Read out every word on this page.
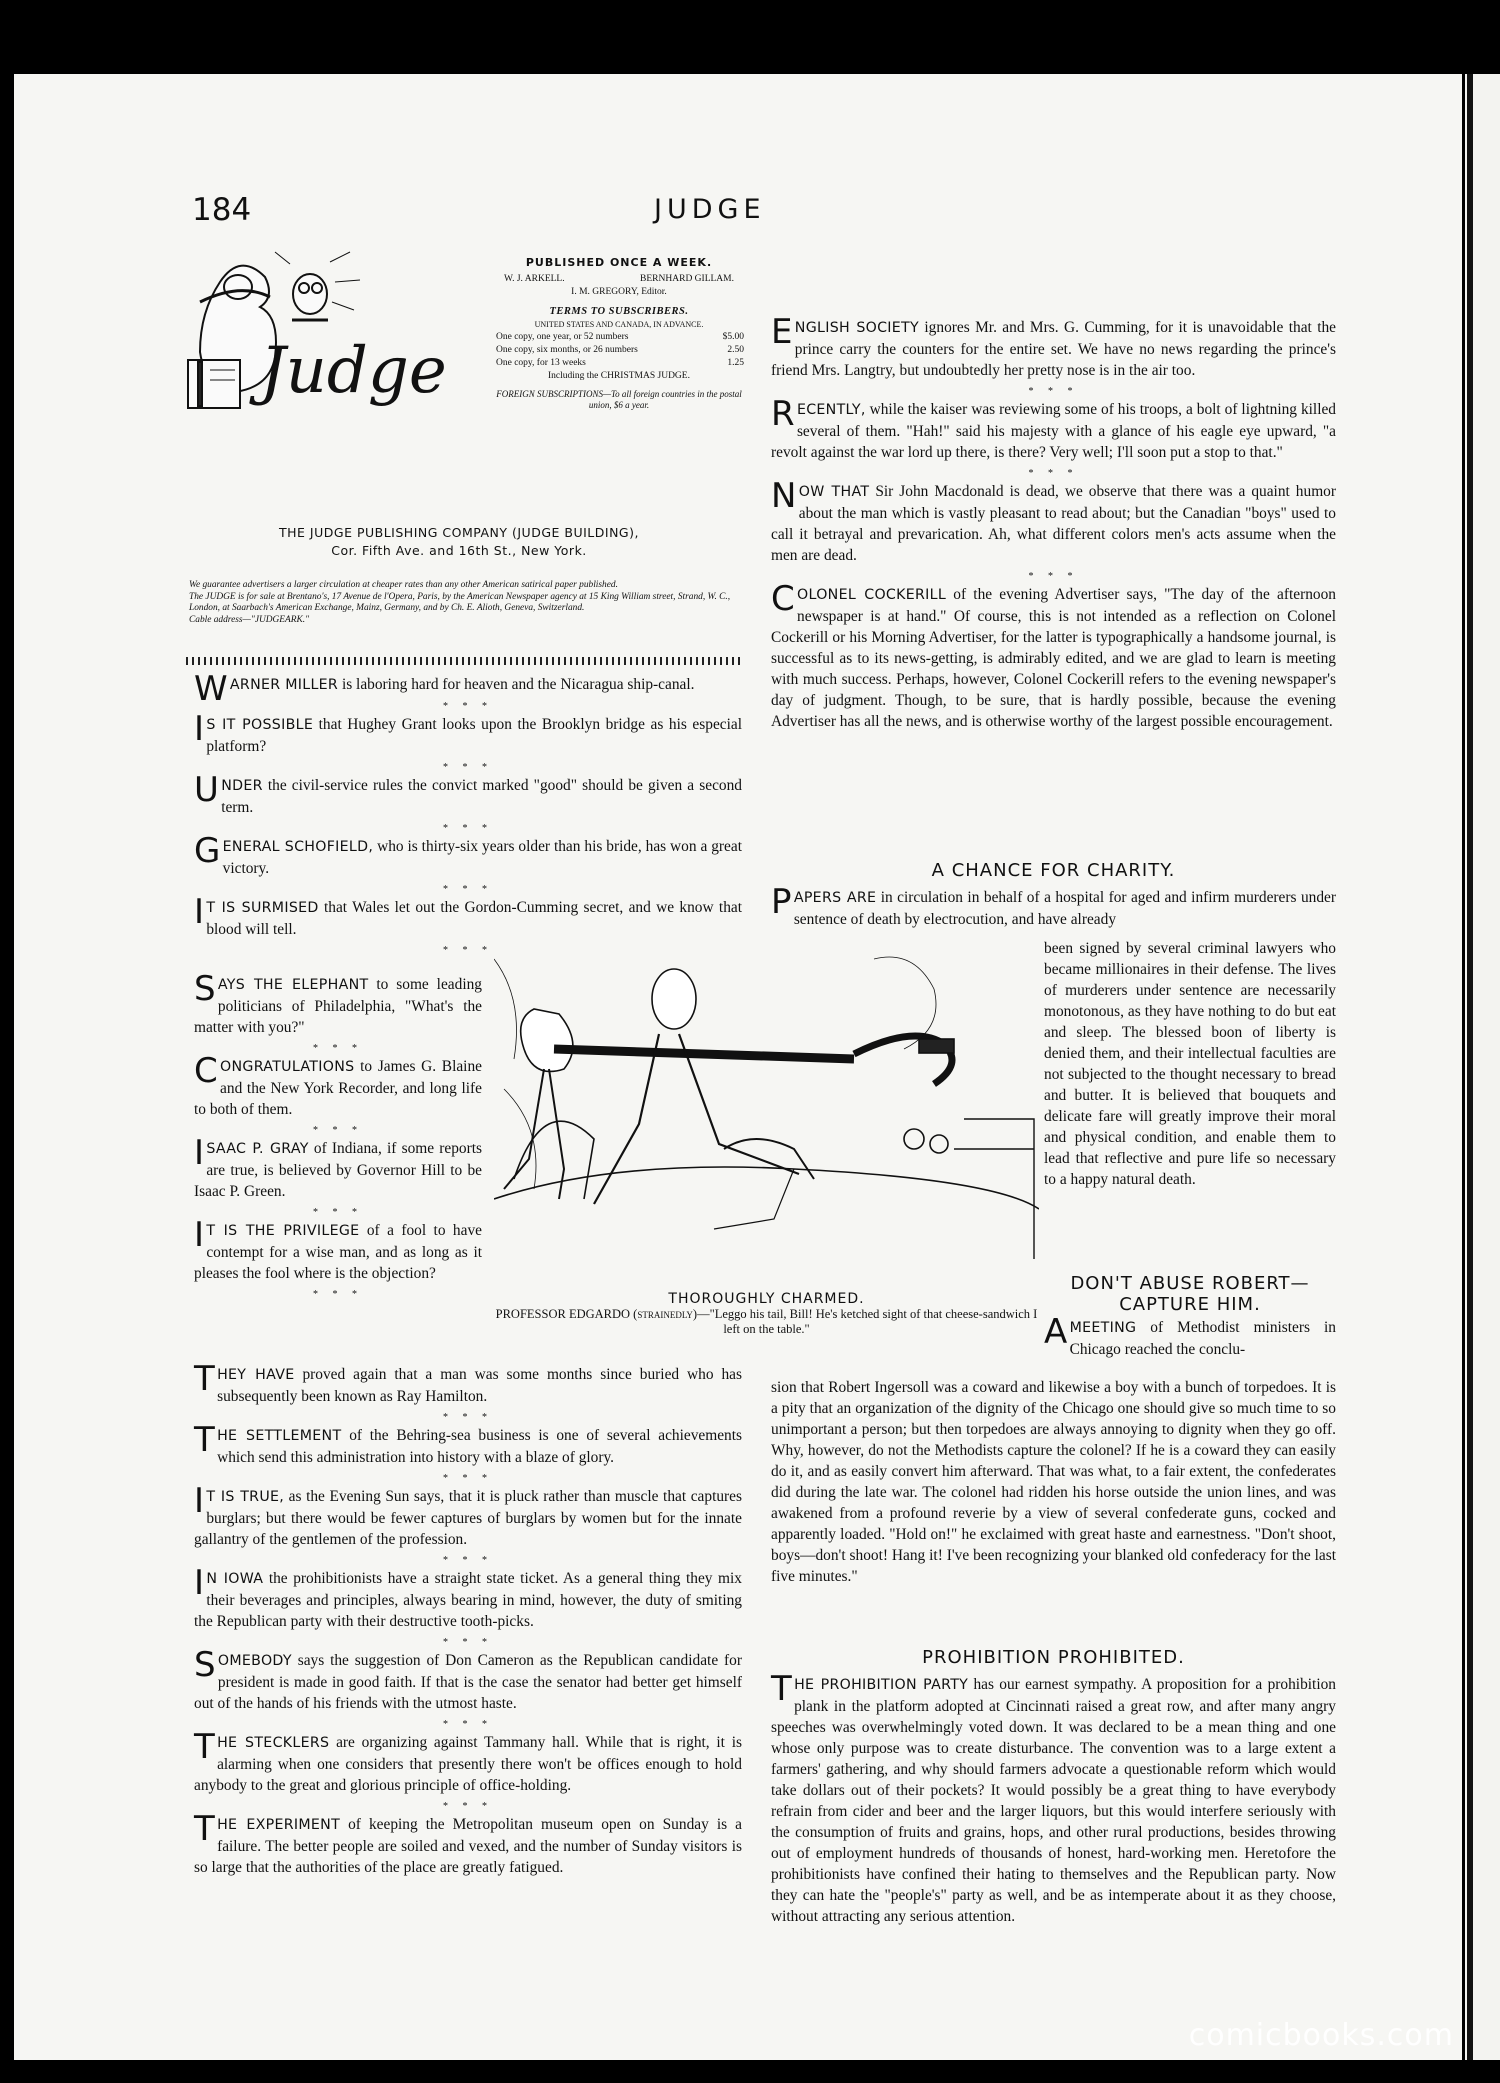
184	JUDGE
Judge
PUBLISHED ONCE A WEEK.
W. J. ARKELL.	BERNHARD GILLAM.
I. M. GREGORY, Editor.
TERMS TO SUBSCRIBERS.
UNITED STATES AND CANADA, IN ADVANCE.
One copy, one year, or 52 numbers	$5.00
One copy, six months, or 26 numbers	2.50
One copy, for 13 weeks	1.25
Including the CHRISTMAS JUDGE.
FOREIGN SUBSCRIPTIONS—To all foreign countries in the postal union, $6 a year.
THE JUDGE PUBLISHING COMPANY (JUDGE BUILDING),
Cor. Fifth Ave. and 16th St., New York.
We guarantee advertisers a larger circulation at cheaper rates than any other American satirical paper published.
The JUDGE is for sale at Brentano's, 17 Avenue de l'Opera, Paris, by the American Newspaper agency at 15 King William street, Strand, W. C., London, at Saarbach's American Exchange, Mainz, Germany, and by Ch. E. Alioth, Geneva, Switzerland.
Cable address—"JUDGEARK."

WARNER MILLER is laboring hard for heaven and the Nicaragua ship-canal.

* * *

IS IT POSSIBLE that Hughey Grant looks upon the Brooklyn bridge as his especial platform?

* * *

UNDER the civil-service rules the convict marked "good" should be given a second term.

* * *

GENERAL SCHOFIELD, who is thirty-six years older than his bride, has won a great victory.

* * *

IT IS SURMISED that Wales let out the Gordon-Cumming secret, and we know that blood will tell.

* * *

SAYS THE ELEPHANT to some leading politicians of Philadelphia, "What's the matter with you?"

* * *

CONGRATULATIONS to James G. Blaine and the New York Recorder, and long life to both of them.

* * *

ISAAC P. GRAY of Indiana, if some reports are true, is believed by Governor Hill to be Isaac P. Green.

* * *

IT IS THE PRIVILEGE of a fool to have contempt for a wise man, and as long as it pleases the fool where is the objection?

* * *	THOROUGHLY CHARMED.
PROFESSOR EDGARDO (strainedly)—"Leggo his tail, Bill! He's ketched sight of that cheese-sandwich I left on the table."

THEY HAVE proved again that a man was some months since buried who has subsequently been known as Ray Hamilton.

* * *

THE SETTLEMENT of the Behring-sea business is one of several achievements which send this administration into history with a blaze of glory.

* * *

IT IS TRUE, as the Evening Sun says, that it is pluck rather than muscle that captures burglars; but there would be fewer captures of burglars by women but for the innate gallantry of the gentlemen of the profession.

* * *

IN IOWA the prohibitionists have a straight state ticket. As a general thing they mix their beverages and principles, always bearing in mind, however, the duty of smiting the Republican party with their destructive tooth-picks.

* * *

SOMEBODY says the suggestion of Don Cameron as the Republican candidate for president is made in good faith. If that is the case the senator had better get himself out of the hands of his friends with the utmost haste.

* * *

THE STECKLERS are organizing against Tammany hall. While that is right, it is alarming when one considers that presently there won't be offices enough to hold anybody to the great and glorious principle of office-holding.

* * *

THE EXPERIMENT of keeping the Metropolitan museum open on Sunday is a failure. The better people are soiled and vexed, and the number of Sunday visitors is so large that the authorities of the place are greatly fatigued.

ENGLISH SOCIETY ignores Mr. and Mrs. G. Cumming, for it is unavoidable that the prince carry the counters for the entire set. We have no news regarding the prince's friend Mrs. Langtry, but undoubtedly her pretty nose is in the air too.

* * *

RECENTLY, while the kaiser was reviewing some of his troops, a bolt of lightning killed several of them. "Hah!" said his majesty with a glance of his eagle eye upward, "a revolt against the war lord up there, is there? Very well; I'll soon put a stop to that."

* * *

NOW THAT Sir John Macdonald is dead, we observe that there was a quaint humor about the man which is vastly pleasant to read about; but the Canadian "boys" used to call it betrayal and prevarication. Ah, what different colors men's acts assume when the men are dead.

* * *

COLONEL COCKERILL of the evening Advertiser says, "The day of the afternoon newspaper is at hand." Of course, this is not intended as a reflection on Colonel Cockerill or his Morning Advertiser, for the latter is typographically a handsome journal, is successful as to its news-getting, is admirably edited, and we are glad to learn is meeting with much success. Perhaps, however, Colonel Cockerill refers to the evening newspaper's day of judgment. Though, to be sure, that is hardly possible, because the evening Advertiser has all the news, and is otherwise worthy of the largest possible encouragement.

A CHANCE FOR CHARITY.

PAPERS ARE in circulation in behalf of a hospital for aged and infirm murderers under sentence of death by electrocution, and have already

been signed by several criminal lawyers who became millionaires in their defense. The lives of murderers under sentence are necessarily monotonous, as they have nothing to do but eat and sleep. The blessed boon of liberty is denied them, and their intellectual faculties are not subjected to the thought necessary to bread and butter. It is believed that bouquets and delicate fare will greatly improve their moral and physical condition, and enable them to lead that reflective and pure life so necessary to a happy natural death.
DON'T ABUSE ROBERT—
CAPTURE HIM.

AMEETING of Methodist ministers in Chicago reached the conclu-

sion that Robert Ingersoll was a coward and likewise a boy with a bunch of torpedoes. It is a pity that an organization of the dignity of the Chicago one should give so much time to so unimportant a person; but then torpedoes are always annoying to dignity when they go off. Why, however, do not the Methodists capture the colonel? If he is a coward they can easily do it, and as easily convert him afterward. That was what, to a fair extent, the confederates did during the late war. The colonel had ridden his horse outside the union lines, and was awakened from a profound reverie by a view of several confederate guns, cocked and apparently loaded. "Hold on!" he exclaimed with great haste and earnestness. "Don't shoot, boys—don't shoot! Hang it! I've been recognizing your blanked old confederacy for the last five minutes."
PROHIBITION PROHIBITED.

THE PROHIBITION PARTY has our earnest sympathy. A proposition for a prohibition plank in the platform adopted at Cincinnati raised a great row, and after many angry speeches was overwhelmingly voted down. It was declared to be a mean thing and one whose only purpose was to create disturbance. The convention was to a large extent a farmers' gathering, and why should farmers advocate a questionable reform which would take dollars out of their pockets? It would possibly be a great thing to have everybody refrain from cider and beer and the larger liquors, but this would interfere seriously with the consumption of fruits and grains, hops, and other rural productions, besides throwing out of employment hundreds of thousands of honest, hard-working men. Heretofore the prohibitionists have confined their hating to themselves and the Republican party. Now they can hate the "people's" party as well, and be as intemperate about it as they choose, without attracting any serious attention.

comicbooks.com
